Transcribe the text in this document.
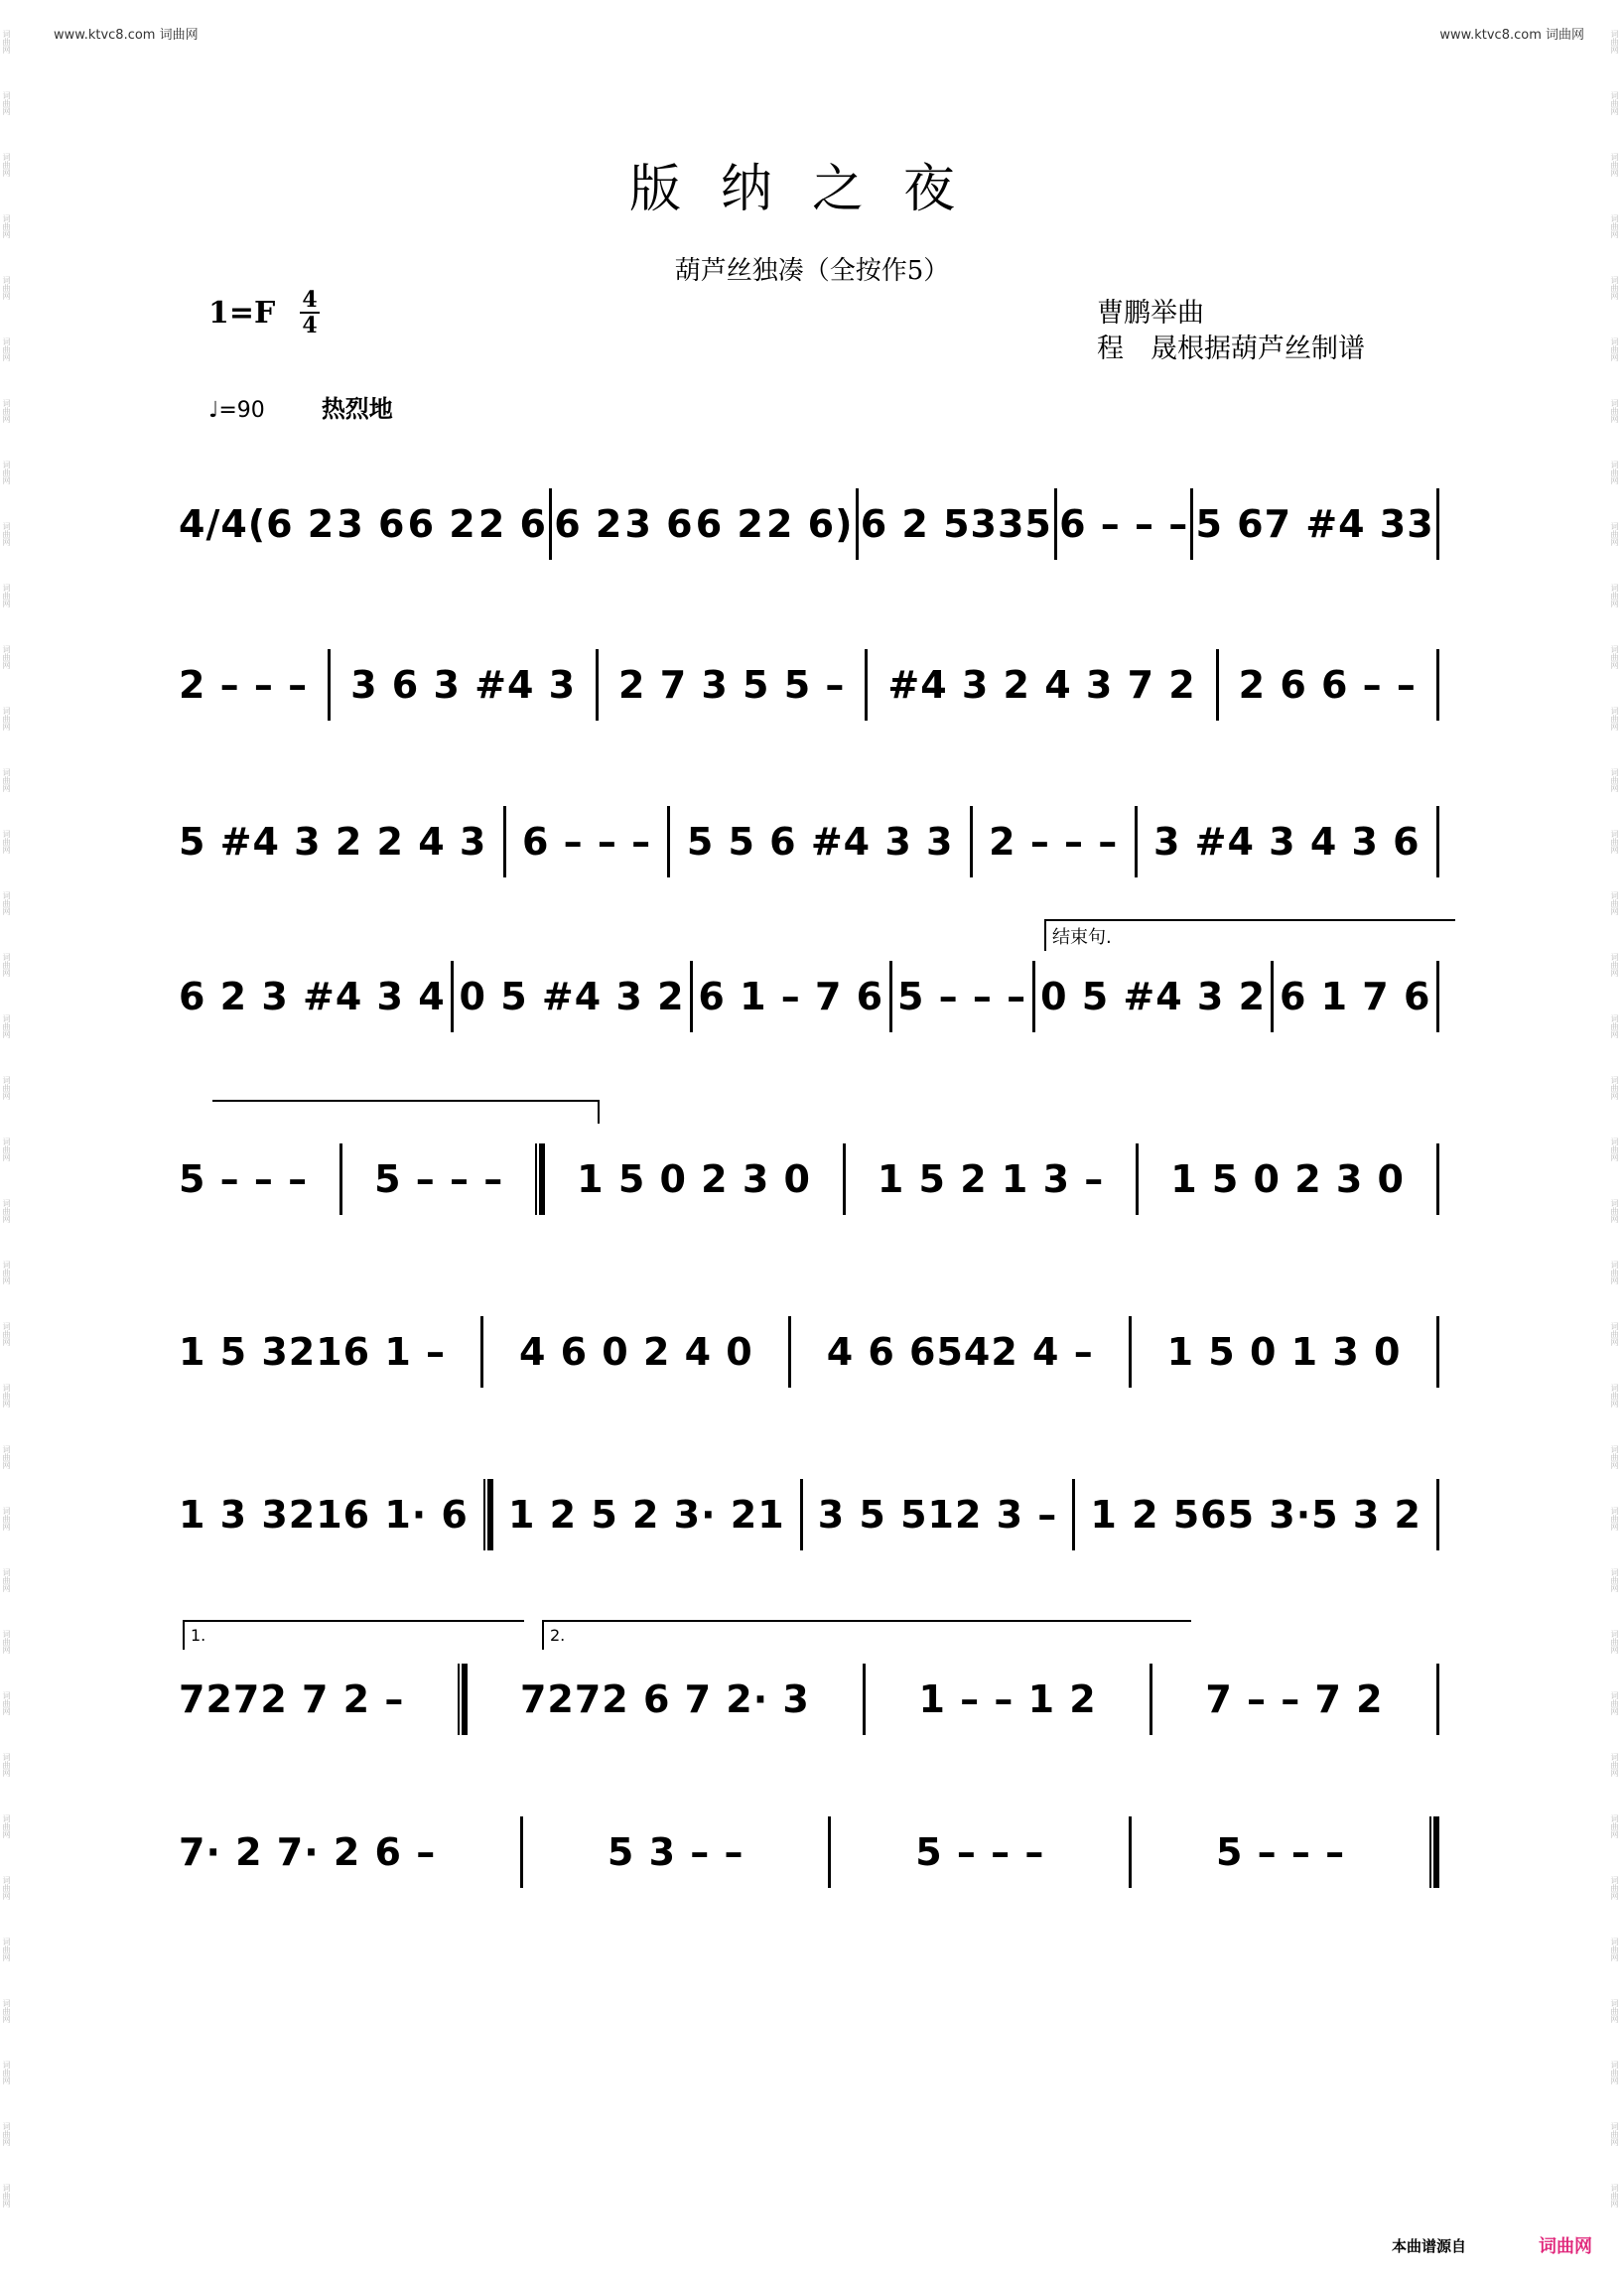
词曲网
词曲网
词曲网
词曲网
词曲网
词曲网
词曲网
词曲网
词曲网
词曲网
词曲网
词曲网
词曲网
词曲网
词曲网
词曲网
词曲网
词曲网
词曲网
词曲网
词曲网
词曲网
词曲网
词曲网
词曲网
词曲网
词曲网
词曲网
词曲网
词曲网
词曲网
词曲网
词曲网
词曲网
词曲网
词曲网
词曲网
词曲网
词曲网
词曲网
词曲网
词曲网
词曲网
词曲网
词曲网
词曲网
词曲网
词曲网
词曲网
词曲网
词曲网
词曲网
词曲网
词曲网
词曲网
词曲网
词曲网
词曲网
词曲网
词曲网
词曲网
词曲网
词曲网
词曲网
词曲网
词曲网
词曲网
词曲网
词曲网
词曲网
词曲网
词曲网
www.ktvc8.com 词曲网	www.ktvc8.com 词曲网
版纳之夜
葫芦丝独凑（全按作5）
1=F 4
4	曹鹏举曲
程　晟根据葫芦丝制谱
♩=90 热烈地
结束句.
1.	2.
4/4(6 2 3 6 6 2 2 6 6 2 3 6 6 2 2 6) 6 2 5335 6 – – – 5 67 #4 33
2 – – – 3 6 3 #4 3 2 7 3 5 5 – #4 3 2 4 3 7 2 2 6 6 – –
5 #4 3 2 2 4 3 6 – – – 5 5 6 #4 3 3 2 – – – 3 #4 3 4 3 6
6 2 3 #4 3 4 0 5 #4 3 2 6 1 – 7 6 5 – – – 0 5 #4 3 2 6 1 7 6
5 – – – 5 – – – 1 5 0 2 3 0 1 5 2 1 3 – 1 5 0 2 3 0
1 5 3216 1 – 4 6 0 2 4 0 4 6 6542 4 – 1 5 0 1 3 0
1 3 3216 1· 6 1 2 5 2 3· 21 3 5 512 3 – 1 2 565 3·5 3 2
7272 7 2 –	7272 6 7 2· 3	1 – – 1 2	7 – – 7 2
7· 2 7· 2 6 –	5 3 – –	5 – – –	5 – – –
本曲谱源自	词曲网
